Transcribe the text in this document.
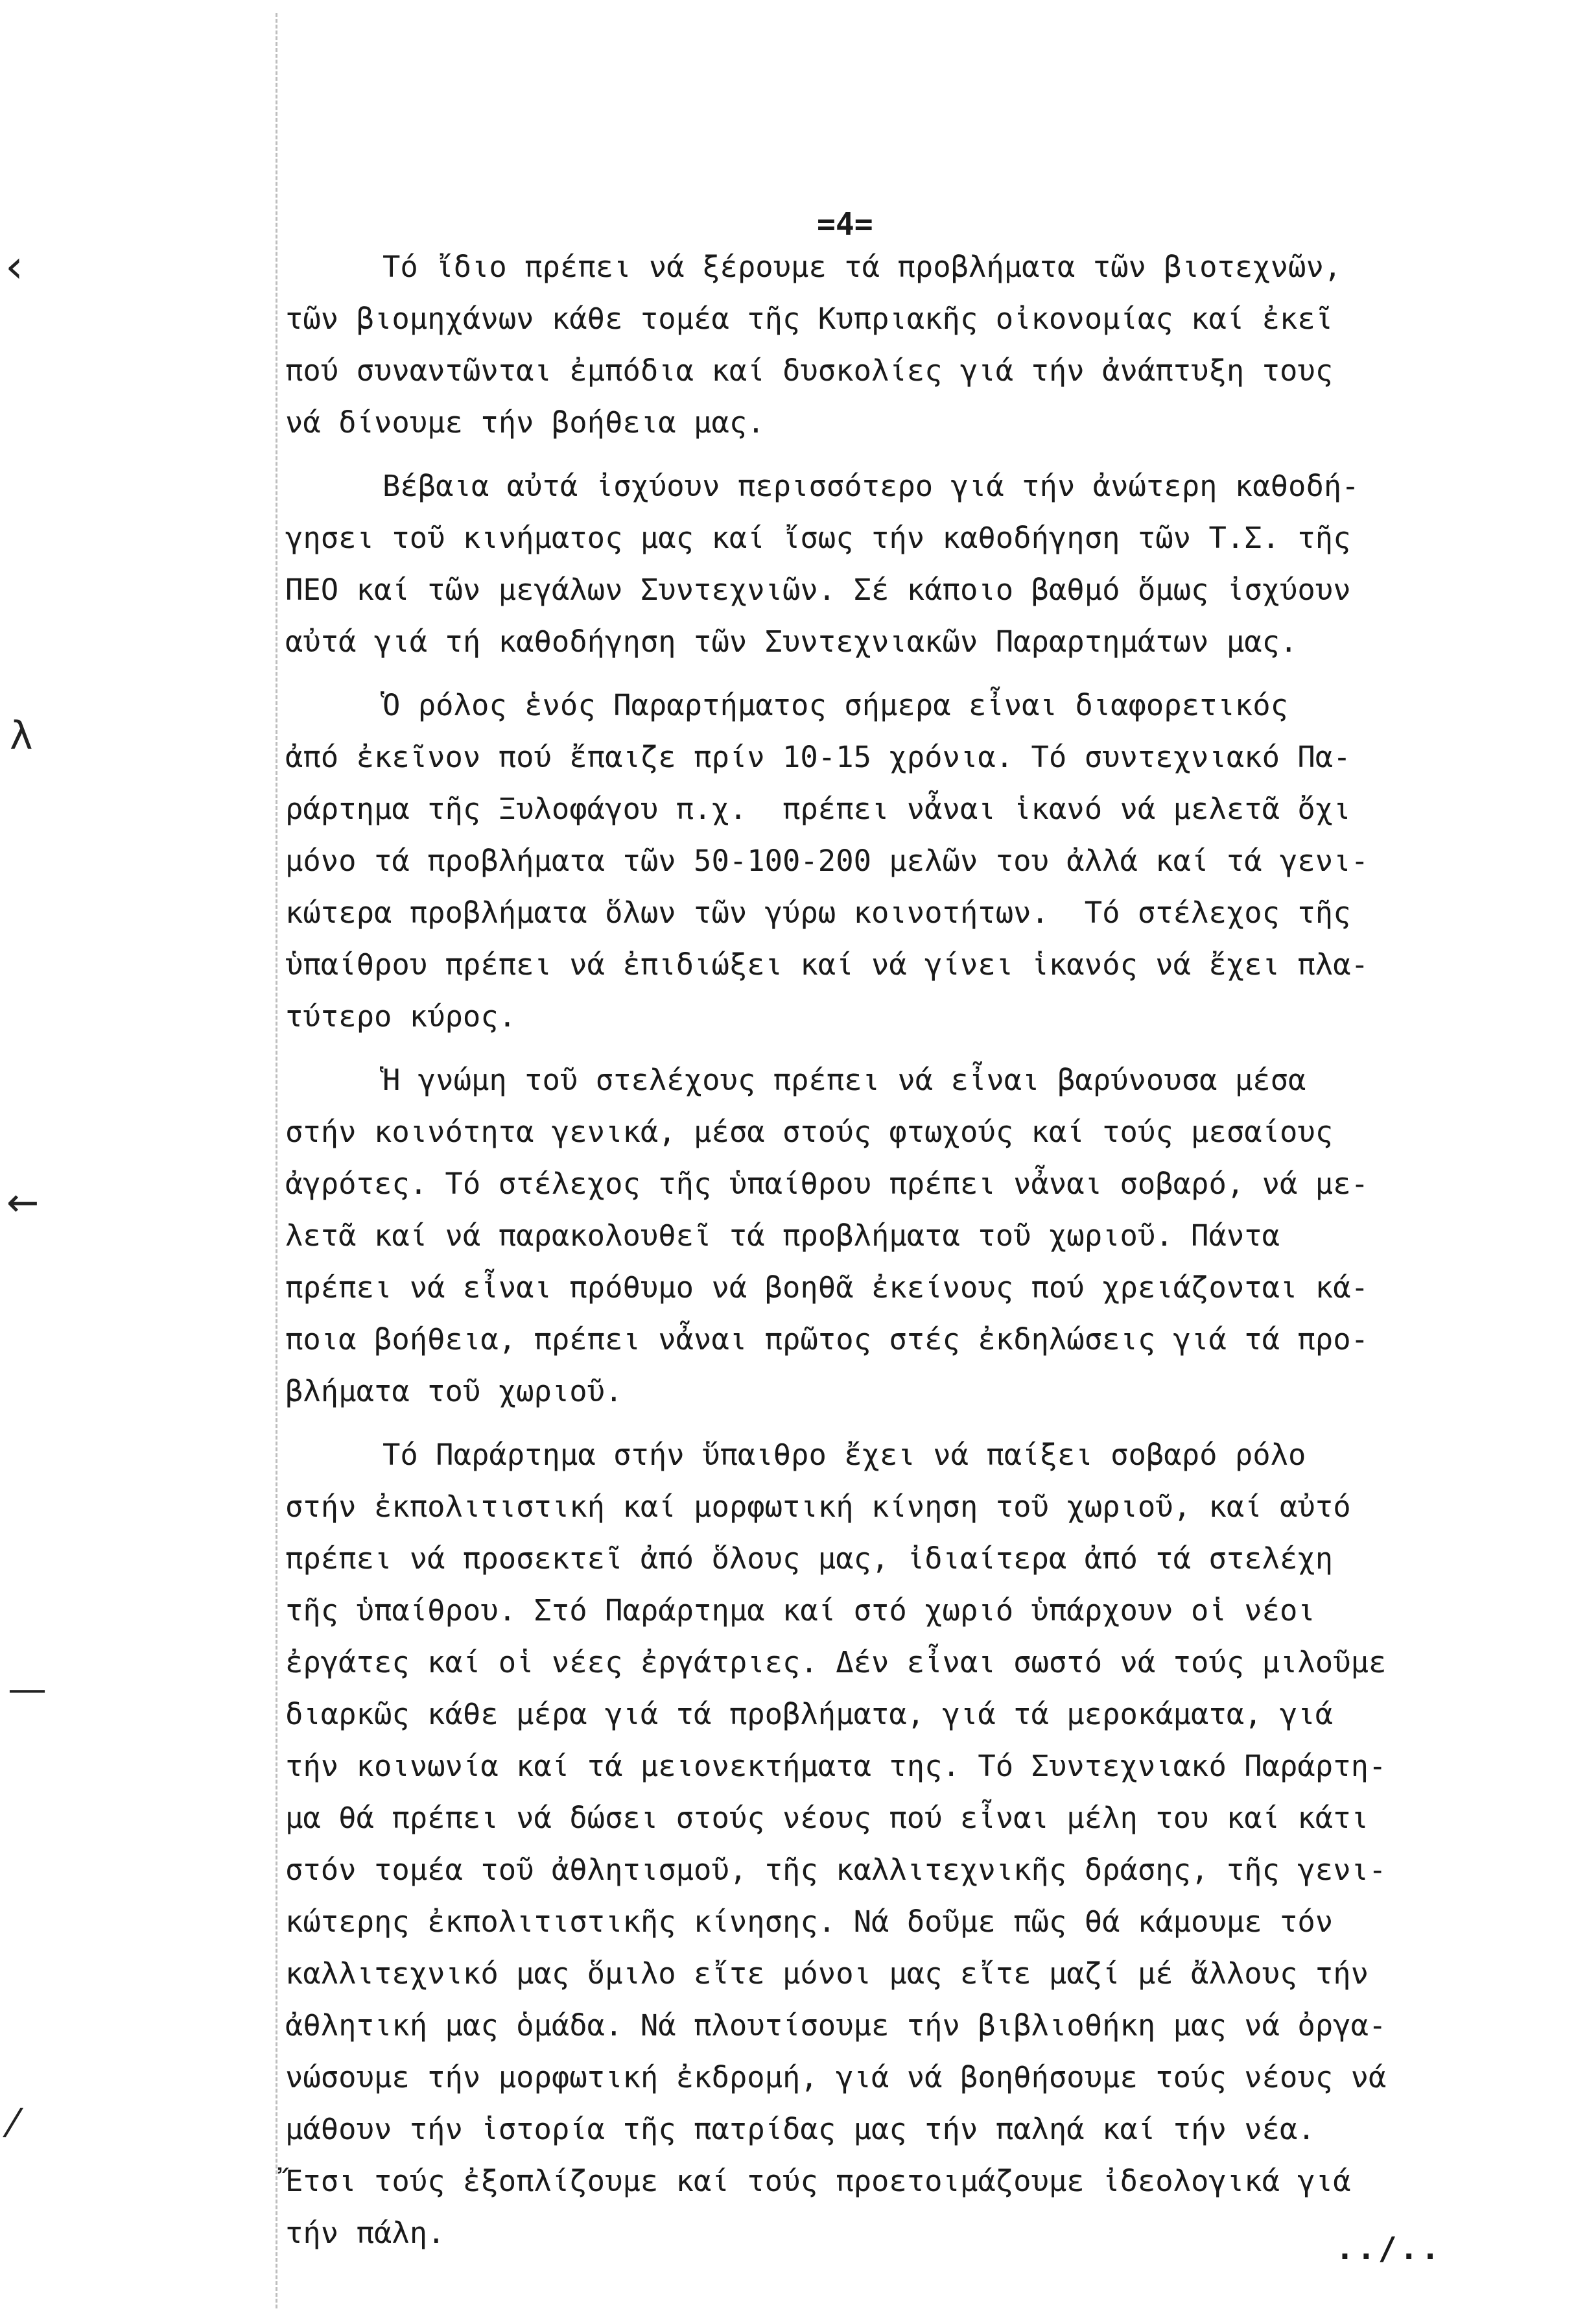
‹
λ
←
—
⁄
=4=
Τό ἴδιο πρέπει νά ξέρουμε τά προβλήματα τῶν βιοτεχνῶν,
τῶν βιομηχάνων κάθε τομέα τῆς Κυπριακῆς οἰκονομίας καί ἐκεῖ
πού συναντῶνται ἐμπόδια καί δυσκολίες γιά τήν ἀνάπτυξη τους
νά δίνουμε τήν βοήθεια μας.
Βέβαια αὐτά ἰσχύουν περισσότερο γιά τήν ἀνώτερη καθοδή-
γησει τοῦ κινήματος μας καί ἴσως τήν καθοδήγηση τῶν Τ.Σ. τῆς
ΠΕΟ καί τῶν μεγάλων Συντεχνιῶν. Σέ κάποιο βαθμό ὅμως ἰσχύουν
αὐτά γιά τή καθοδήγηση τῶν Συντεχνιακῶν Παραρτημάτων μας.
Ὁ ρόλος ἑνός Παραρτήματος σήμερα εἶναι διαφορετικός
ἀπό ἐκεῖνον πού ἔπαιζε πρίν 10-15 χρόνια. Τό συντεχνιακό Πα-
ράρτημα τῆς Ξυλοφάγου π.χ.  πρέπει νἆναι ἱκανό νά μελετᾶ ὄχι
μόνο τά προβλήματα τῶν 50-100-200 μελῶν του ἀλλά καί τά γενι-
κώτερα προβλήματα ὅλων τῶν γύρω κοινοτήτων.  Τό στέλεχος τῆς
ὑπαίθρου πρέπει νά ἐπιδιώξει καί νά γίνει ἱκανός νά ἔχει πλα-
τύτερο κύρος.
Ἡ γνώμη τοῦ στελέχους πρέπει νά εἶναι βαρύνουσα μέσα
στήν κοινότητα γενικά, μέσα στούς φτωχούς καί τούς μεσαίους
ἀγρότες. Τό στέλεχος τῆς ὑπαίθρου πρέπει νἆναι σοβαρό, νά με-
λετᾶ καί νά παρακολουθεῖ τά προβλήματα τοῦ χωριοῦ. Πάντα
πρέπει νά εἶναι πρόθυμο νά βοηθᾶ ἐκείνους πού χρειάζονται κά-
ποια βοήθεια, πρέπει νἆναι πρῶτος στές ἐκδηλώσεις γιά τά προ-
βλήματα τοῦ χωριοῦ.
Τό Παράρτημα στήν ὕπαιθρο ἔχει νά παίξει σοβαρό ρόλο
στήν ἐκπολιτιστική καί μορφωτική κίνηση τοῦ χωριοῦ, καί αὐτό
πρέπει νά προσεκτεῖ ἀπό ὅλους μας, ἰδιαίτερα ἀπό τά στελέχη
τῆς ὑπαίθρου. Στό Παράρτημα καί στό χωριό ὑπάρχουν οἱ νέοι
ἐργάτες καί οἱ νέες ἐργάτριες. Δέν εἶναι σωστό νά τούς μιλοῦμε
διαρκῶς κάθε μέρα γιά τά προβλήματα, γιά τά μεροκάματα, γιά
τήν κοινωνία καί τά μειονεκτήματα της. Τό Συντεχνιακό Παράρτη-
μα θά πρέπει νά δώσει στούς νέους πού εἶναι μέλη του καί κάτι
στόν τομέα τοῦ ἀθλητισμοῦ, τῆς καλλιτεχνικῆς δράσης, τῆς γενι-
κώτερης ἐκπολιτιστικῆς κίνησης. Νά δοῦμε πῶς θά κάμουμε τόν
καλλιτεχνικό μας ὅμιλο εἴτε μόνοι μας εἴτε μαζί μέ ἄλλους τήν
ἀθλητική μας ὁμάδα. Νά πλουτίσουμε τήν βιβλιοθήκη μας νά ὀργα-
νώσουμε τήν μορφωτική ἐκδρομή, γιά νά βοηθήσουμε τούς νέους νά
μάθουν τήν ἱστορία τῆς πατρίδας μας τήν παληά καί τήν νέα.
Ἔτσι τούς ἐξοπλίζουμε καί τούς προετοιμάζουμε ἰδεολογικά γιά
τήν πάλη.	../..
